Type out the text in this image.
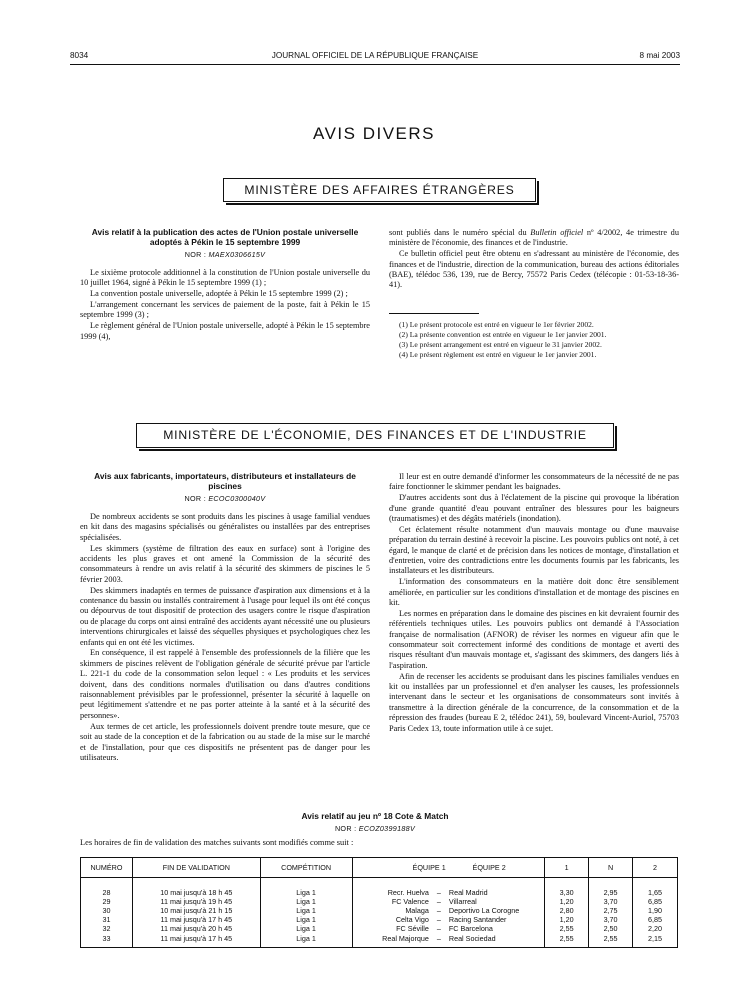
8034	JOURNAL OFFICIEL DE LA RÉPUBLIQUE FRANÇAISE	8 mai 2003
AVIS DIVERS
MINISTÈRE DES AFFAIRES ÉTRANGÈRES
Avis relatif à la publication des actes de l'Union postale universelle adoptés à Pékin le 15 septembre 1999
NOR : MAEX0306615V

Le sixième protocole additionnel à la constitution de l'Union postale universelle du 10 juillet 1964, signé à Pékin le 15 septembre 1999 (1) ;

La convention postale universelle, adoptée à Pékin le 15 septembre 1999 (2) ;

L'arrangement concernant les services de paiement de la poste, fait à Pékin le 15 septembre 1999 (3) ;

Le règlement général de l'Union postale universelle, adopté à Pékin le 15 septembre 1999 (4),

sont publiés dans le numéro spécial du Bulletin officiel nº 4/2002, 4e trimestre du ministère de l'économie, des finances et de l'industrie.

Ce bulletin officiel peut être obtenu en s'adressant au ministère de l'économie, des finances et de l'industrie, direction de la communication, bureau des actions éditoriales (BAE), télédoc 536, 139, rue de Bercy, 75572 Paris Cedex (télécopie : 01-53-18-36-41).

(1) Le présent protocole est entré en vigueur le 1er février 2002.
(2) La présente convention est entrée en vigueur le 1er janvier 2001.
(3) Le présent arrangement est entré en vigueur le 31 janvier 2002.
(4) Le présent règlement est entré en vigueur le 1er janvier 2001.
MINISTÈRE DE L'ÉCONOMIE, DES FINANCES ET DE L'INDUSTRIE
Avis aux fabricants, importateurs, distributeurs et installateurs de piscines
NOR : ECOC0300040V

De nombreux accidents se sont produits dans les piscines à usage familial vendues en kit dans des magasins spécialisés ou généralistes ou installées par des entreprises spécialisées.

Les skimmers (système de filtration des eaux en surface) sont à l'origine des accidents les plus graves et ont amené la Commission de la sécurité des consommateurs à rendre un avis relatif à la sécurité des skimmers de piscines le 5 février 2003.

Des skimmers inadaptés en termes de puissance d'aspiration aux dimensions et à la contenance du bassin ou installés contrairement à l'usage pour lequel ils ont été conçus ou dépourvus de tout dispositif de protection des usagers contre le risque d'aspiration ou de placage du corps ont ainsi entraîné des accidents ayant nécessité une ou plusieurs interventions chirurgicales et laissé des séquelles physiques et psychologiques chez les enfants qui en ont été les victimes.

En conséquence, il est rappelé à l'ensemble des professionnels de la filière que les skimmers de piscines relèvent de l'obligation générale de sécurité prévue par l'article L. 221-1 du code de la consommation selon lequel : « Les produits et les services doivent, dans des conditions normales d'utilisation ou dans d'autres conditions raisonnablement prévisibles par le professionnel, présenter la sécurité à laquelle on peut légitimement s'attendre et ne pas porter atteinte à la santé et à la sécurité des personnes».

Aux termes de cet article, les professionnels doivent prendre toute mesure, que ce soit au stade de la conception et de la fabrication ou au stade de la mise sur le marché et de l'installation, pour que ces dispositifs ne présentent pas de danger pour les utilisateurs.

Il leur est en outre demandé d'informer les consommateurs de la nécessité de ne pas faire fonctionner le skimmer pendant les baignades.

D'autres accidents sont dus à l'éclatement de la piscine qui provoque la libération d'une grande quantité d'eau pouvant entraîner des blessures pour les baigneurs (traumatismes) et des dégâts matériels (inondation).

Cet éclatement résulte notamment d'un mauvais montage ou d'une mauvaise préparation du terrain destiné à recevoir la piscine. Les pouvoirs publics ont noté, à cet égard, le manque de clarté et de précision dans les notices de montage, d'installation et d'entretien, voire des contradictions entre les documents fournis par les fabricants, les installateurs et les distributeurs.

L'information des consommateurs en la matière doit donc être sensiblement améliorée, en particulier sur les conditions d'installation et de montage des piscines en kit.

Les normes en préparation dans le domaine des piscines en kit devraient fournir des référentiels techniques utiles. Les pouvoirs publics ont demandé à l'Association française de normalisation (AFNOR) de réviser les normes en vigueur afin que le consommateur soit correctement informé des conditions de montage et averti des risques résultant d'un mauvais montage et, s'agissant des skimmers, des dangers liés à l'aspiration.

Afin de recenser les accidents se produisant dans les piscines familiales vendues en kit ou installées par un professionnel et d'en analyser les causes, les professionnels intervenant dans le secteur et les organisations de consommateurs sont invités à transmettre à la direction générale de la concurrence, de la consommation et de la répression des fraudes (bureau E 2, télédoc 241), 59, boulevard Vincent-Auriol, 75703 Paris Cedex 13, toute information utile à ce sujet.

Avis relatif au jeu nº 18 Cote & Match
NOR : ECOZ0399188V

Les horaires de fin de validation des matches suivants sont modifiés comme suit :

NUMÉRO	FIN DE VALIDATION	COMPÉTITION	ÉQUIPE 1 ÉQUIPE 2			1	N	2

28	10 mai jusqu'à 18 h 45	Liga 1	Recr. Huelva	–	Real Madrid	3,30	2,95	1,65
29	11 mai jusqu'à 19 h 45	Liga 1	FC Valence	–	Villarreal	1,20	3,70	6,85
30	10 mai jusqu'à 21 h 15	Liga 1	Malaga	–	Deportivo La Corogne	2,80	2,75	1,90
31	11 mai jusqu'à 17 h 45	Liga 1	Celta Vigo	–	Racing Santander	1,20	3,70	6,85
32	11 mai jusqu'à 20 h 45	Liga 1	FC Séville	–	FC Barcelona	2,55	2,50	2,20
33	11 mai jusqu'à 17 h 45	Liga 1	Real Majorque	–	Real Sociedad	2,55	2,55	2,15
